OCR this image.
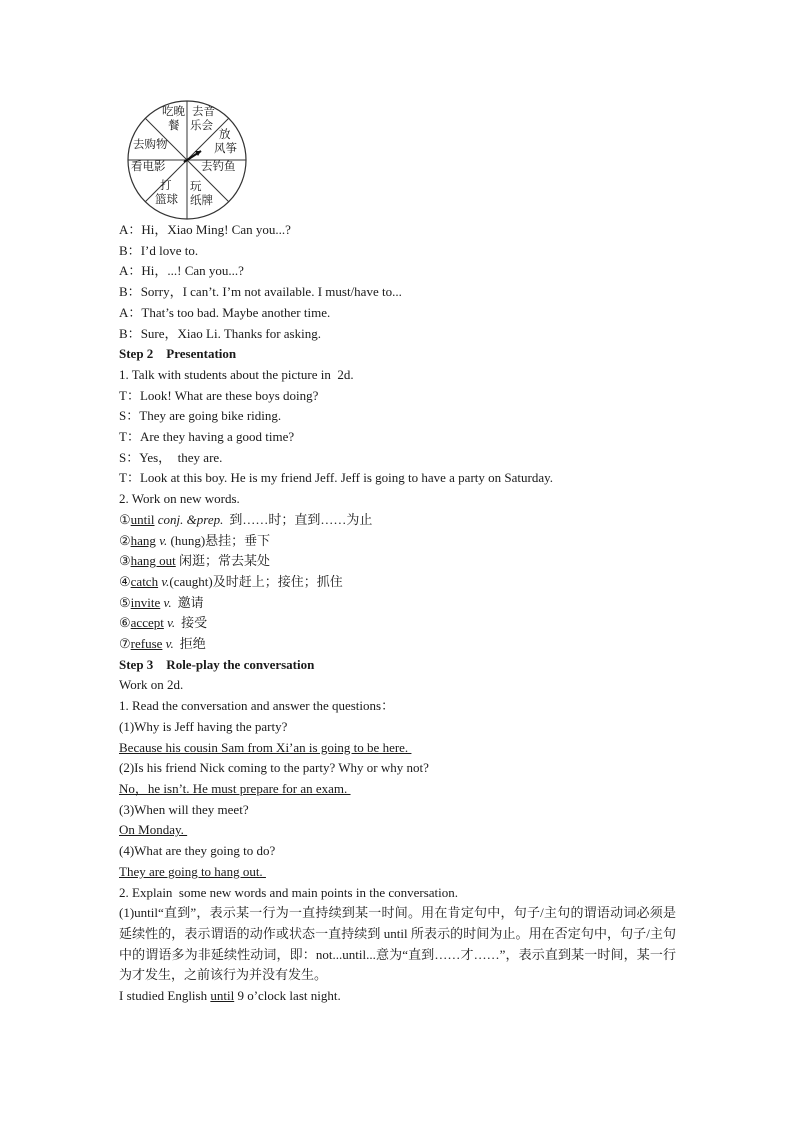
吃晚
餐
去音
乐会
放
风筝
去钓鱼
玩
纸牌
打
篮球
看电影
去购物
A：Hi，Xiao Ming! Can you...?
B：I’d love to.
A：Hi，...! Can you...?
B：Sorry，I can’t. I’m not available. I must/have to...
A：That’s too bad. Maybe another time.
B：Sure，Xiao Li. Thanks for asking.
Step 2    Presentation
1. Talk with students about the picture in  2d.
T：Look! What are these boys doing?
S：They are going bike riding.
T：Are they having a good time?
S：Yes，  they are.
T：Look at this boy. He is my friend Jeff. Jeff is going to have a party on Saturday.
2. Work on new words.
①until conj. &prep. 到……时；直到……为止
②hang v. (hung)悬挂；垂下
③hang out 闲逛；常去某处
④catch v.(caught)及时赶上；接住；抓住
⑤invite v. 邀请
⑥accept v. 接受
⑦refuse v. 拒绝
Step 3    Role-play the conversation
Work on 2d.
1. Read the conversation and answer the questions：
(1)Why is Jeff having the party?
Because his cousin Sam from Xi’an is going to be here.
(2)Is his friend Nick coming to the party? Why or why not?
No，he isn’t. He must prepare for an exam.
(3)When will they meet?
On Monday.
(4)What are they going to do?
They are going to hang out.
2. Explain  some new words and main points in the conversation.
(1)until“直到”，表示某一行为一直持续到某一时间。用在肯定句中，句子/主句的谓语动词必须是延续性的，表示谓语的动作或状态一直持续到 until 所表示的时间为止。用在否定句中，句子/主句中的谓语多为非延续性动词，即：not...until...意为“直到……才……”，表示直到某一时间，某一行为才发生，之前该行为并没有发生。
I studied English until 9 o’clock last night.
